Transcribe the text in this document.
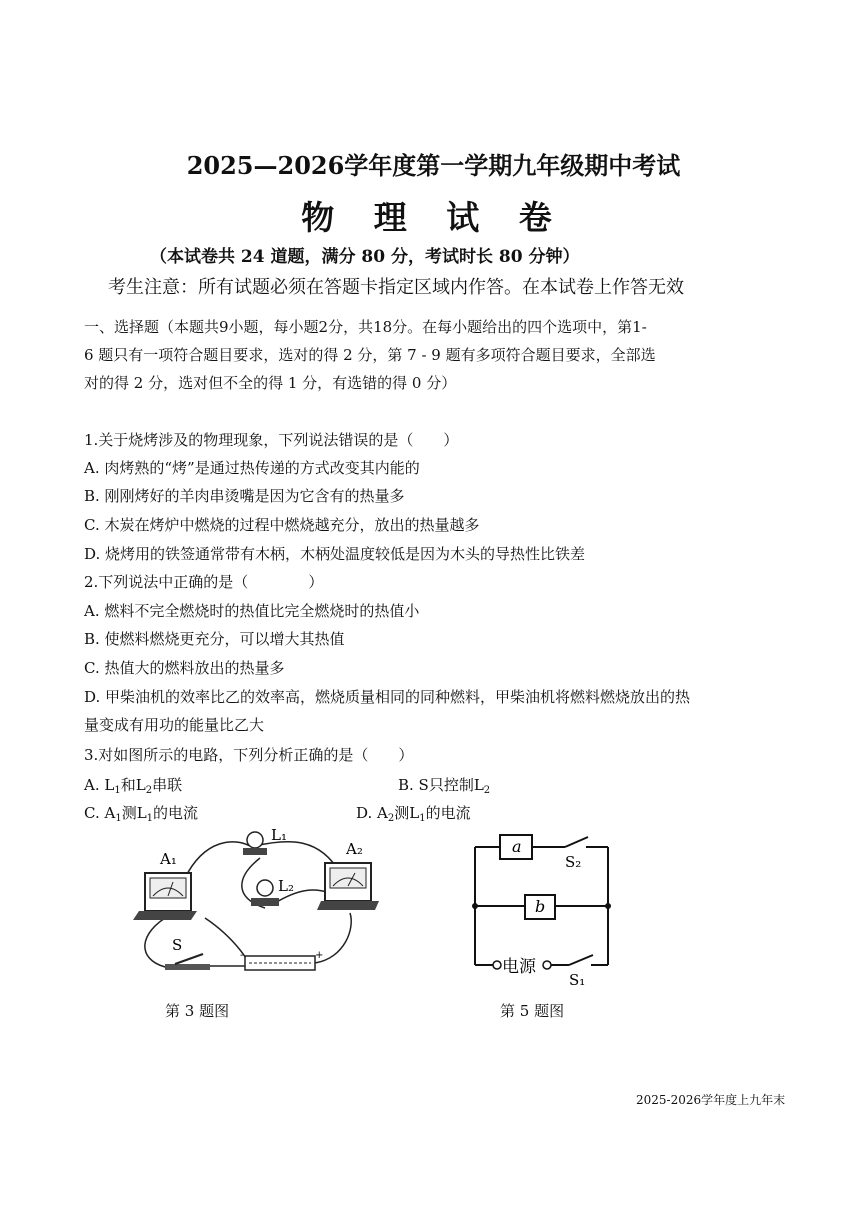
2025—2026学年度第一学期九年级期中考试
物 理 试 卷
（本试卷共 24 道题，满分 80 分，考试时长 80 分钟）
考生注意：所有试题必须在答题卡指定区域内作答。在本试卷上作答无效
一、选择题（本题共9小题，每小题2分，共18分。在每小题给出的四个选项中，第1-
6 题只有一项符合题目要求，选对的得 2 分，第 7 - 9 题有多项符合题目要求，全部选
对的得 2 分，选对但不全的得 1 分，有选错的得 0 分）
1.关于烧烤涉及的物理现象，下列说法错误的是（　　）
A. 肉烤熟的“烤”是通过热传递的方式改变其内能的
B. 刚刚烤好的羊肉串烫嘴是因为它含有的热量多
C. 木炭在烤炉中燃烧的过程中燃烧越充分，放出的热量越多
D. 烧烤用的铁签通常带有木柄，木柄处温度较低是因为木头的导热性比铁差
2.下列说法中正确的是（　　　　）
A. 燃料不完全燃烧时的热值比完全燃烧时的热值小
B. 使燃料燃烧更充分，可以增大其热值
C. 热值大的燃料放出的热量多
D. 甲柴油机的效率比乙的效率高，燃烧质量相同的同种燃料，甲柴油机将燃料燃烧放出的热
量变成有用功的能量比乙大
3.对如图所示的电路，下列分析正确的是（　　）
A. $L_1$和$L_2$串联	B. S只控制$L_2$
C. $A_1$测$L_1$的电流	D. $A_2$测$L_1$的电流
-	+
A₁
A₂
L₁
L₂
S
第 3 题图
a
S₂
b
电源
S₁
第 5 题图
2025-2026学年度上九年末
